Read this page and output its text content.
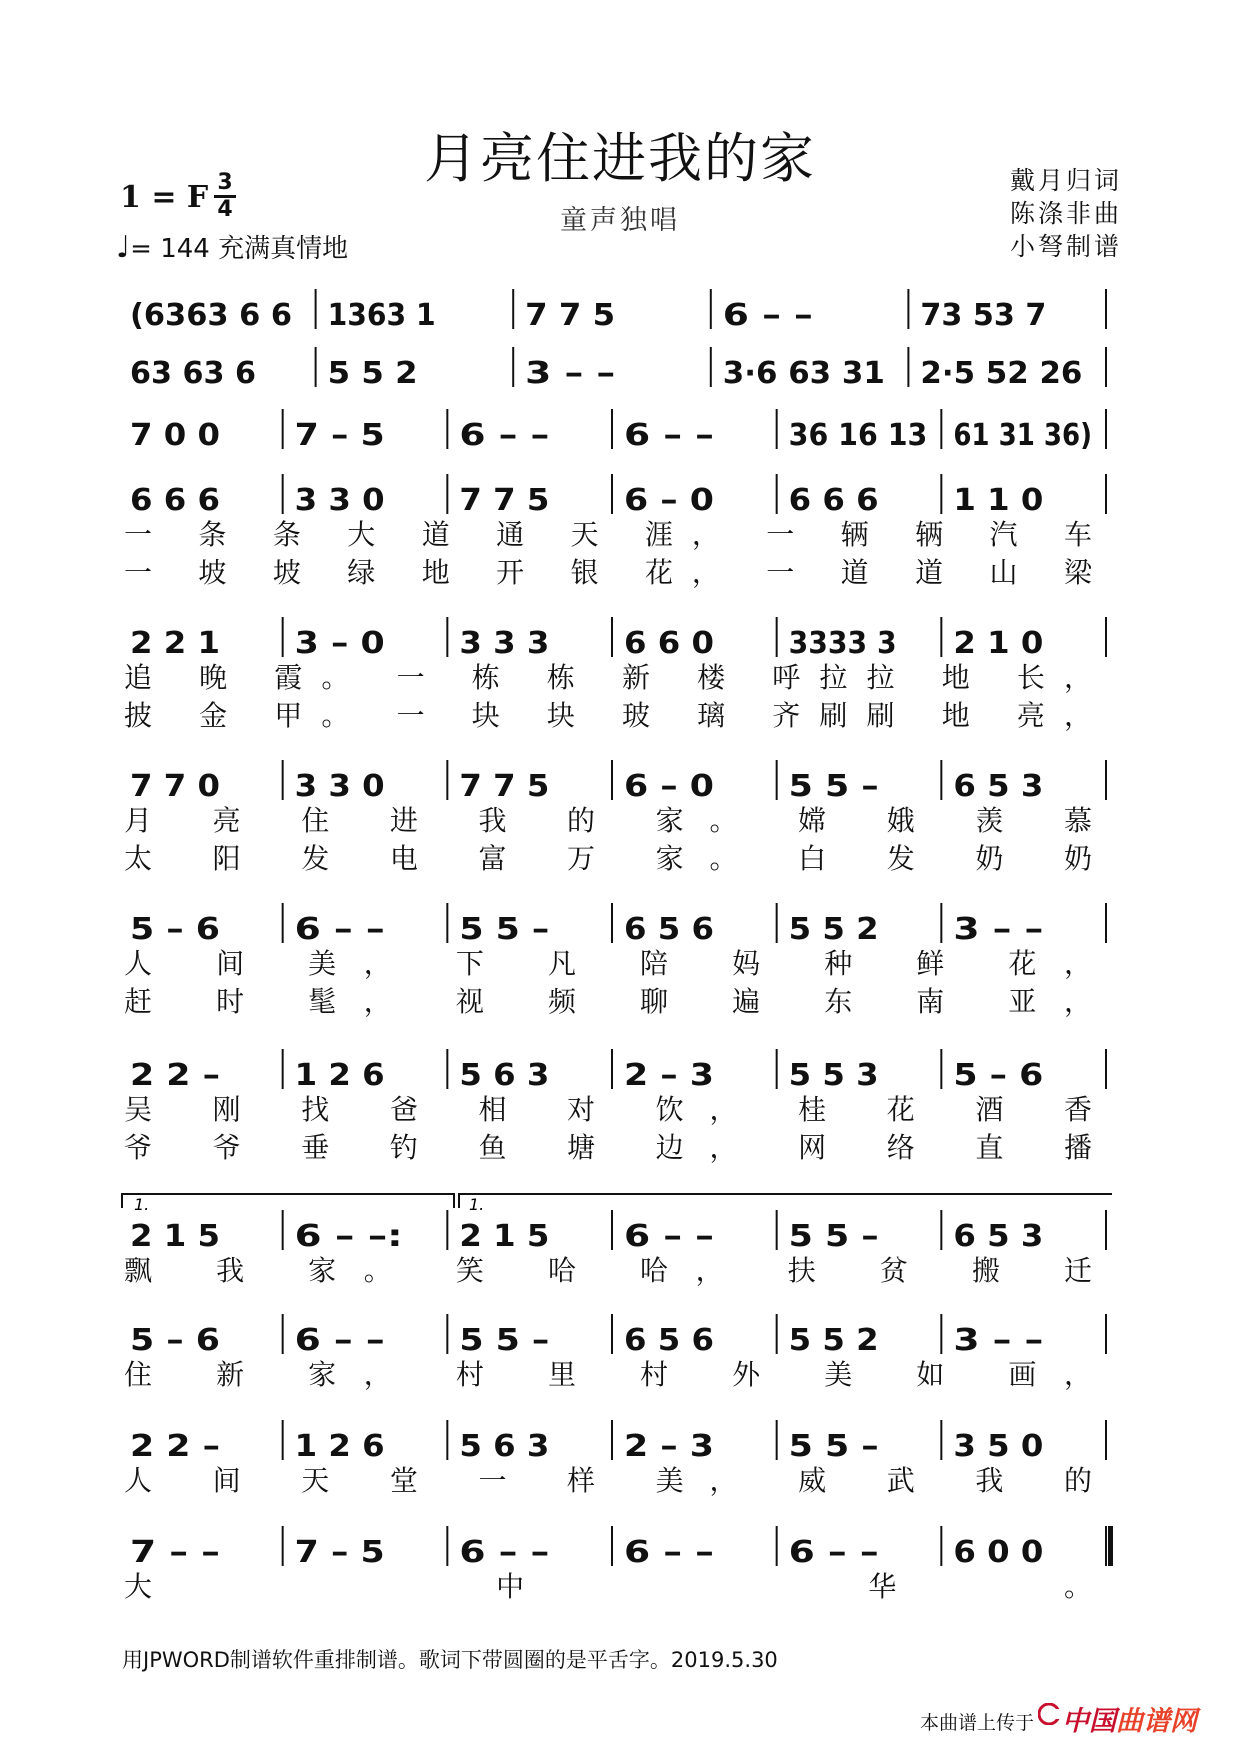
月亮住进我的家
童声独唱
1 = F 3
4
♩= 144 充满真情地
戴月归词
陈涤非曲
小弩制谱
(6363 6 6 1363 1	7 7 5	6 – –	73 53 7
63 63 6 5 5 2	3 – –	3·6 63 31 2·5 52 26
7 0 0 7 – 5 6 – – 6 – – 36 16 13 61 31 36)
6 6 6 3 3 0 7 7 5 6 – 0 6 6 6 1 1 0
一 条 条 大 道 通 天 涯， 一 辆 辆 汽 车
一 坡 坡 绿 地 开 银 花， 一 道 道 山 梁
2 2 1 3 – 0 3 3 3 6 6 0 3333 3 2 1 0
追 晚 霞。 一 栋 栋 新 楼 呼拉拉 地 长，
披 金 甲。 一 块 块 玻 璃 齐刷刷 地 亮，
7 7 0 3 3 0 7 7 5 6 – 0 5 5 – 6 5 3
月 亮 住 进 我 的 家。 嫦 娥 羡 慕
太 阳 发 电 富 万 家。 白 发 奶 奶
5 – 6 6 – – 5 5 – 6 5 6 5 5 2 3 – –
人 间 美， 下 凡 陪 妈 种 鲜 花，
赶 时 髦， 视 频 聊 遍 东 南 亚，
2 2 – 1 2 6 5 6 3 2 – 3 5 5 3 5 – 6
吴 刚 找 爸 相 对 饮， 桂 花 酒 香
爷 爷 垂 钓 鱼 塘 边， 网 络 直 播
2 1 5 6 – –: 2 1 5 6 – – 5 5 – 6 5 3
飘 我 家。 笑 哈 哈， 扶 贫 搬 迁
1.	1.
5 – 6 6 – – 5 5 – 6 5 6 5 5 2 3 – –
住 新 家， 村 里 村 外 美 如 画，
2 2 – 1 2 6 5 6 3 2 – 3 5 5 – 3 5 0
人 间 天 堂 一 样 美， 威 武 我 的
7 – – 7 – 5 6 – – 6 – – 6 – – 6 0 0
大 中 华。
用JPWORD制谱软件重排制谱。歌词下带圆圈的是平舌字。2019.5.30
本曲谱上传于 中国曲谱网
